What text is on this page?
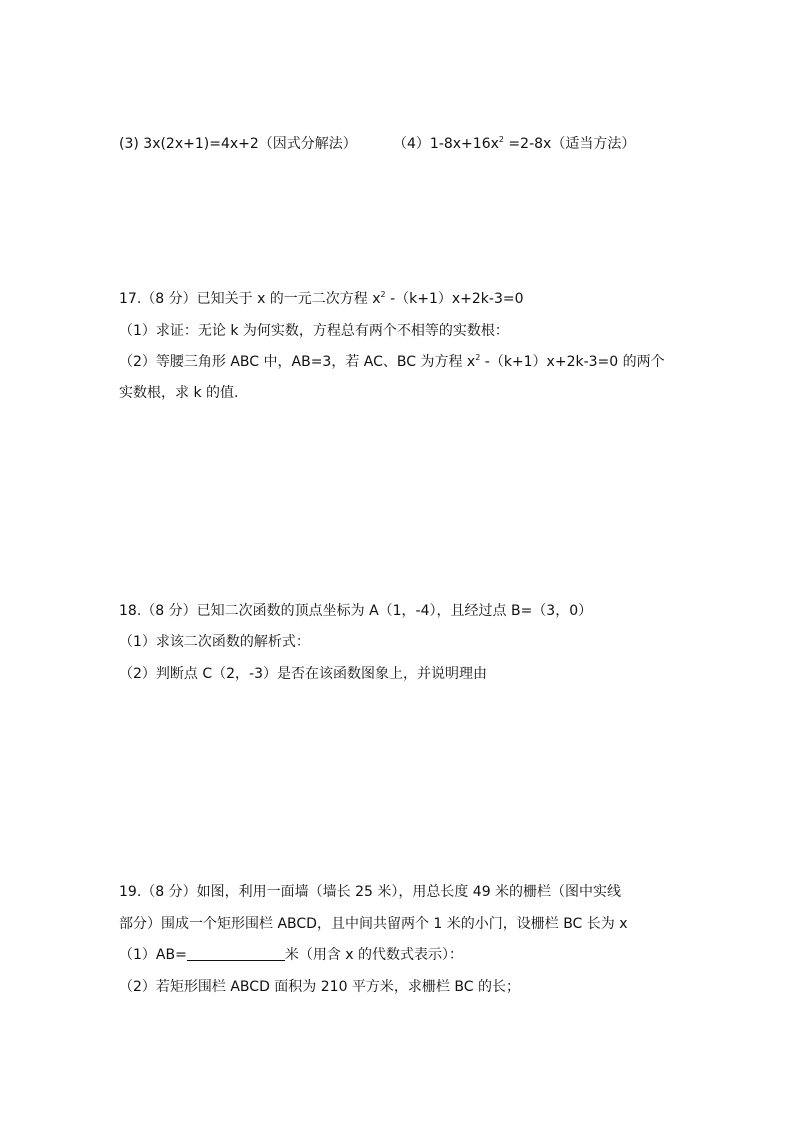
(3) 3x(2x+1)=4x+2（因式分解法）	$(4)1-8x+16x^2 =2-8x$（适当方法）
17.（8 分）已知关于 x 的一元二次方程 $x^2$ -（k+1）x+2k-3=0
（1）求证：无论 k 为何实数，方程总有两个不相等的实数根：
（2）等腰三角形 ABC 中，AB=3，若 AC、BC 为方程 $x^2$ -（k+1）x+2k-3=0 的两个
实数根，求 k 的值.
18.（8 分）已知二次函数的顶点坐标为 A（1，-4），且经过点 B=（3，0）
（1）求该二次函数的解析式：
（2）判断点 C（2，-3）是否在该函数图象上，并说明理由
19.（8 分）如图，利用一面墙（墙长 25 米），用总长度 49 米的栅栏（图中实线
部分）围成一个矩形围栏 ABCD，且中间共留两个 1 米的小门，设栅栏 BC 长为 x
（1）AB=	米（用含 x 的代数式表示）：
（2）若矩形围栏 ABCD 面积为 210 平方米，求栅栏 BC 的长；
